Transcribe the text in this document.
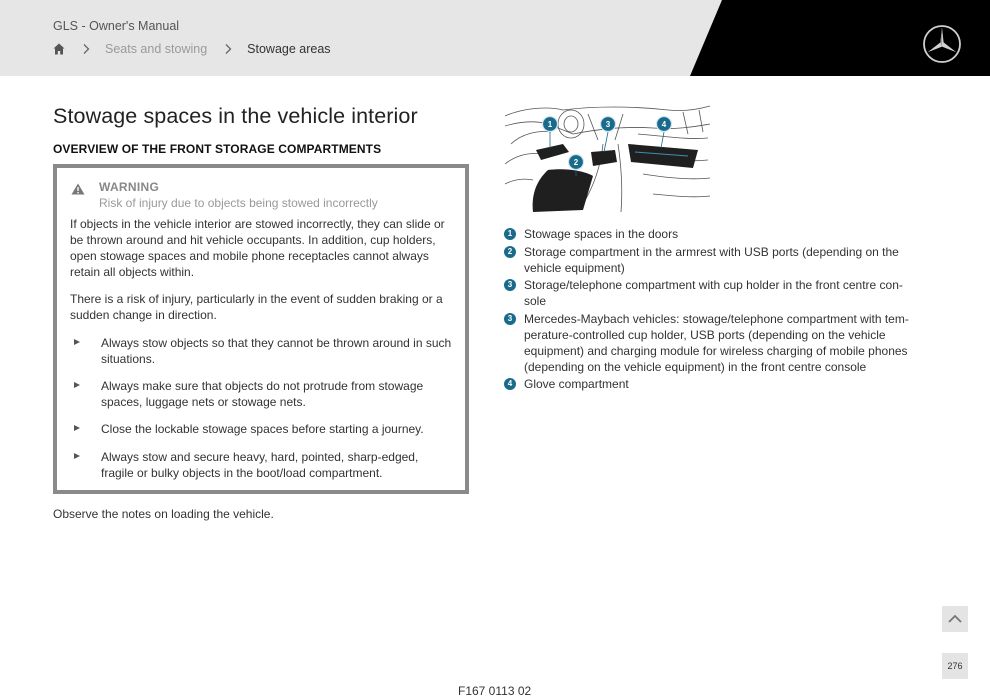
GLS - Owner's Manual
Seats and stowing	Stowage areas
Stowage spaces in the vehicle interior
OVERVIEW OF THE FRONT STORAGE COMPARTMENTS
WARNING
Risk of injury due to objects being stowed incorrectly

If objects in the vehicle interior are stowed incorrectly, they can slide or be thrown around and hit vehicle occupants. In addition, cup holders, open stowage spaces and mobile phone receptacles cannot always retain all objects within.

There is a risk of injury, particularly in the event of sudden braking or a sudden change in direction.

Always stow objects so that they cannot be thrown around in such situations.
Always make sure that objects do not protrude from stowage spaces, luggage nets or stowage nets.
Close the lockable stowage spaces before starting a journey.
Always stow and secure heavy, hard, pointed, sharp-edged, fragile or bulky objects in the boot/load compartment.

Observe the notes on loading the vehicle.

1
2
3	4
1 Stowage spaces in the doors
2 Storage compartment in the armrest with USB ports (depending on the vehicle equipment)
3 Storage/telephone compartment with cup holder in the front centre con-sole
3 Mercedes-Maybach vehicles: stowage/telephone compartment with tem-perature-controlled cup holder, USB ports (depending on the vehicle equipment) and charging module for wireless charging of mobile phones (depending on the vehicle equipment) in the front centre console
4 Glove compartment
276
F167 0113 02
